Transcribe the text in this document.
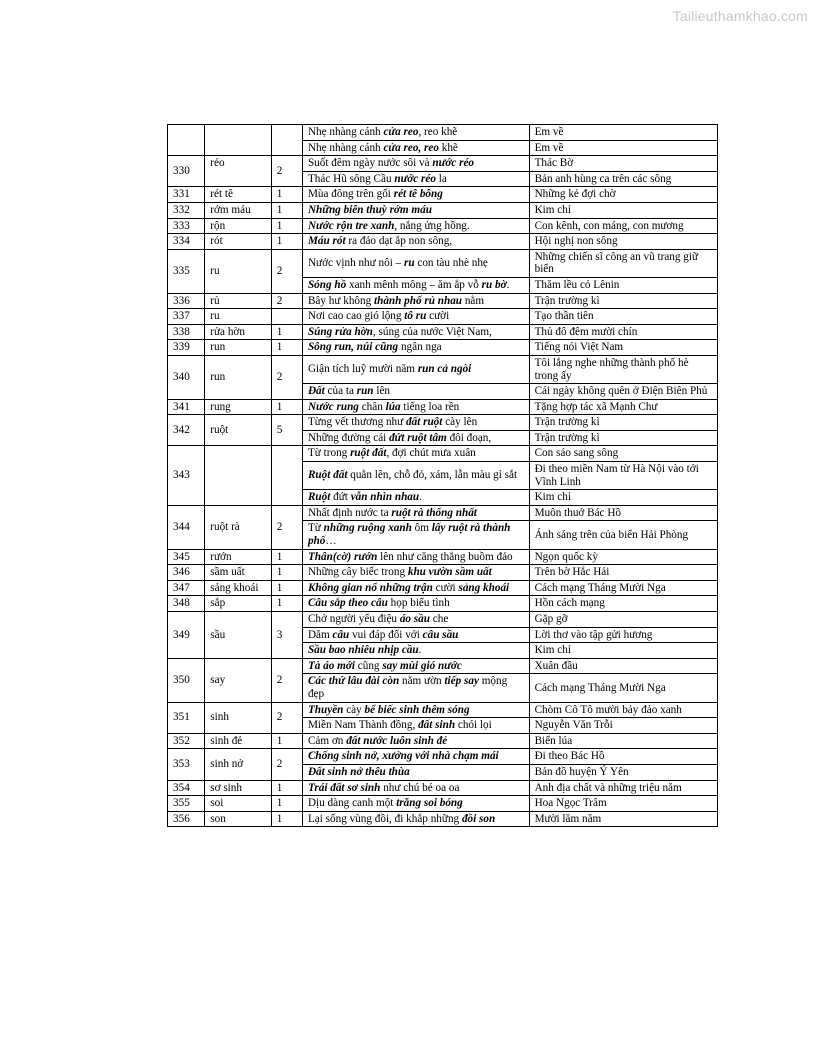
Tailieuthamkhao.com
			Nhẹ nhàng cánh cửa reo, reo khẽ	Em về
			Nhẹ nhàng cánh cửa reo, reo khẽ	Em về
330	réo	2	Suốt đêm ngày nước sôi và nước réo	Thác Bờ
			Thác Hũ sông Cầu nước réo la	Bản anh hùng ca trên các sông
331	rét tê	1	Mùa đông trên gối rét tê bông	Những kẻ đợi chờ
332	rớm máu	1	Những biên thuỳ rớm máu	Kim chỉ
333	rộn	1	Nước rộn tre xanh, nắng ửng hồng.	Con kênh, con máng, con mương
334	rót	1	Máu rót ra đảo dạt ắp non sông,	Hội nghị non sông
335	ru	2	Nước vịnh như nôi – ru con tàu nhè nhẹ	Những chiến sĩ công an vũ trang giữ biển
			Sóng hồ xanh mênh mông – ăm ắp vỗ ru bờ.	Thăm lều cỏ Lênin
336	rủ	2	Bây hư không thành phố rủ nhau nằm	Trận trường kì
337	ru		Nơi cao cao gió lộng tô ru cười	Tạo thần tiên
338	rửa hờn	1	Súng rửa hờn, súng của nước Việt Nam,	Thủ đô đêm mười chín
339	run	1	Sông run, núi cũng ngân nga	Tiếng nói Việt Nam
340	run	2	Giận tích luỹ mười năm run cả ngòi	Tôi lắng nghe những thành phố hè trong ấy
			Đất của ta run lên	Cái ngày không quên ở Điện Biên Phủ
341	rung	1	Nước rung chân lúa tiếng loa rền	Tặng hợp tác xã Mạnh Chư
342	ruột	5	Từng vết thương như đất ruột cày lên	Trận trường kì
			Những đường cái đứt ruột tâm đôi đoạn,	Trận trường kì
343			Từ trong ruột đất, đợi chút mưa xuân	Con sáo sang sông
			Ruột đất quằn lên, chỗ đỏ, xám, lẫn màu gỉ sắt	Đi theo miền Nam từ Hà Nội vào tới Vĩnh Linh
			Ruột đứt vẫn nhìn nhau.	Kim chỉ
344	ruột rà	2	Nhất định nước ta ruột rà thống nhất	Muôn thuở Bác Hồ
			Từ những ruộng xanh ôm lấy ruột rà thành phố…	Ánh sáng trên của biển Hải Phòng
345	rướn	1	Thân(cờ) rướn lên như căng thẳng buồm đảo	Ngọn quốc kỳ
346	sầm uất	1	Những cây biếc trong khu vườn sầm uất	Trên bờ Hắc Hải
347	sảng khoái	1	Không gian nổ những trận cười sảng khoái	Cách mạng Tháng Mười Nga
348	sắp	1	Câu sắp theo câu họp biểu tình	Hồn cách mạng
349	sầu	3	Chở người yếu điệu áo sầu che	Gặp gỡ
			Dăm câu vui đáp đối với câu sầu	Lời thơ vào tập gửi hương
			Sầu bao nhiêu nhịp cầu.	Kim chỉ
350	say	2	Tà áo mới cũng say mùi gió nước	Xuân đầu
			Các thứ lâu đài còn nằm ườn tiếp say mộng đẹp	Cách mạng Tháng Mười Nga
351	sinh	2	Thuyền cày bể biếc sinh thêm sóng	Chòm Cô Tô mười bảy đảo xanh
			Miền Nam Thành đồng, đất sinh chói lọi	Nguyễn Văn Trỗi
352	sinh đẻ	1	Cảm ơn đất nước luôn sinh đẻ	Biển lúa
353	sinh nở	2	Chống sinh nở, xưởng với nhà chạm mái	Đi theo Bác Hồ
			Đất sinh nở thêu thùa	Bản đồ huyện Ý Yên
354	sơ sinh	1	Trái đất sơ sinh như chú bé oa oa	Anh địa chất và những triệu năm
355	soi	1	Dịu dàng canh một trăng soi bóng	Hoa Ngọc Trâm
356	son	1	Lại sống vùng đồi, đi khắp những đồi son	Mười lăm năm
